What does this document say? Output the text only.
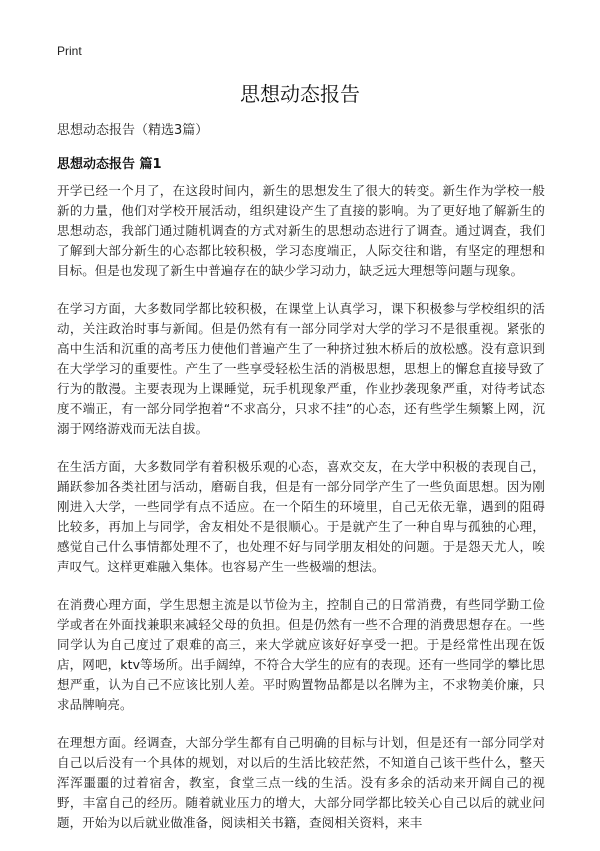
Print
思想动态报告
思想动态报告（精选3篇）
思想动态报告 篇1

开学已经一个月了，在这段时间内，新生的思想发生了很大的转变。新生作为学校一般新的力量，他们对学校开展活动，组织建设产生了直接的影响。为了更好地了解新生的思想动态，我部门通过随机调查的方式对新生的思想动态进行了调查。通过调查，我们了解到大部分新生的心态都比较积极，学习态度端正，人际交往和谐，有坚定的理想和目标。但是也发现了新生中普遍存在的缺少学习动力，缺乏远大理想等问题与现象。

在学习方面，大多数同学都比较积极，在课堂上认真学习，课下积极参与学校组织的活动，关注政治时事与新闻。但是仍然有有一部分同学对大学的学习不是很重视。紧张的高中生活和沉重的高考压力使他们普遍产生了一种挤过独木桥后的放松感。没有意识到在大学学习的重要性。产生了一些享受轻松生活的消极思想，思想上的懈怠直接导致了行为的散漫。主要表现为上课睡觉，玩手机现象严重，作业抄袭现象严重，对待考试态度不端正，有一部分同学抱着“不求高分，只求不挂”的心态，还有些学生频繁上网，沉溺于网络游戏而无法自拔。

在生活方面，大多数同学有着积极乐观的心态，喜欢交友，在大学中积极的表现自己，踊跃参加各类社团与活动，磨砺自我，但是有一部分同学产生了一些负面思想。因为刚刚进入大学，一些同学有点不适应。在一个陌生的环境里，自己无依无靠，遇到的阻碍比较多，再加上与同学，舍友相处不是很顺心。于是就产生了一种自卑与孤独的心理，感觉自己什么事情都处理不了，也处理不好与同学朋友相处的问题。于是怨天尤人，唉声叹气。这样更难融入集体。也容易产生一些极端的想法。

在消费心理方面，学生思想主流是以节俭为主，控制自己的日常消费，有些同学勤工俭学或者在外面找兼职来减轻父母的负担。但是仍然有一些不合理的消费思想存在。一些同学认为自己度过了艰难的高三，来大学就应该好好享受一把。于是经常性出现在饭店，网吧，ktv等场所。出手阔绰，不符合大学生的应有的表现。还有一些同学的攀比思想严重，认为自己不应该比别人差。平时购置物品都是以名牌为主，不求物美价廉，只求品牌响亮。

在理想方面。经调查，大部分学生都有自己明确的目标与计划，但是还有一部分同学对自己以后没有一个具体的规划，对以后的生活比较茫然，不知道自己该干些什么，整天浑浑噩噩的过着宿舍，教室，食堂三点一线的生活。没有多余的活动来开阔自己的视野，丰富自己的经历。随着就业压力的增大，大部分同学都比较关心自己以后的就业问题，开始为以后就业做准备，阅读相关书籍，查阅相关资料，来丰
